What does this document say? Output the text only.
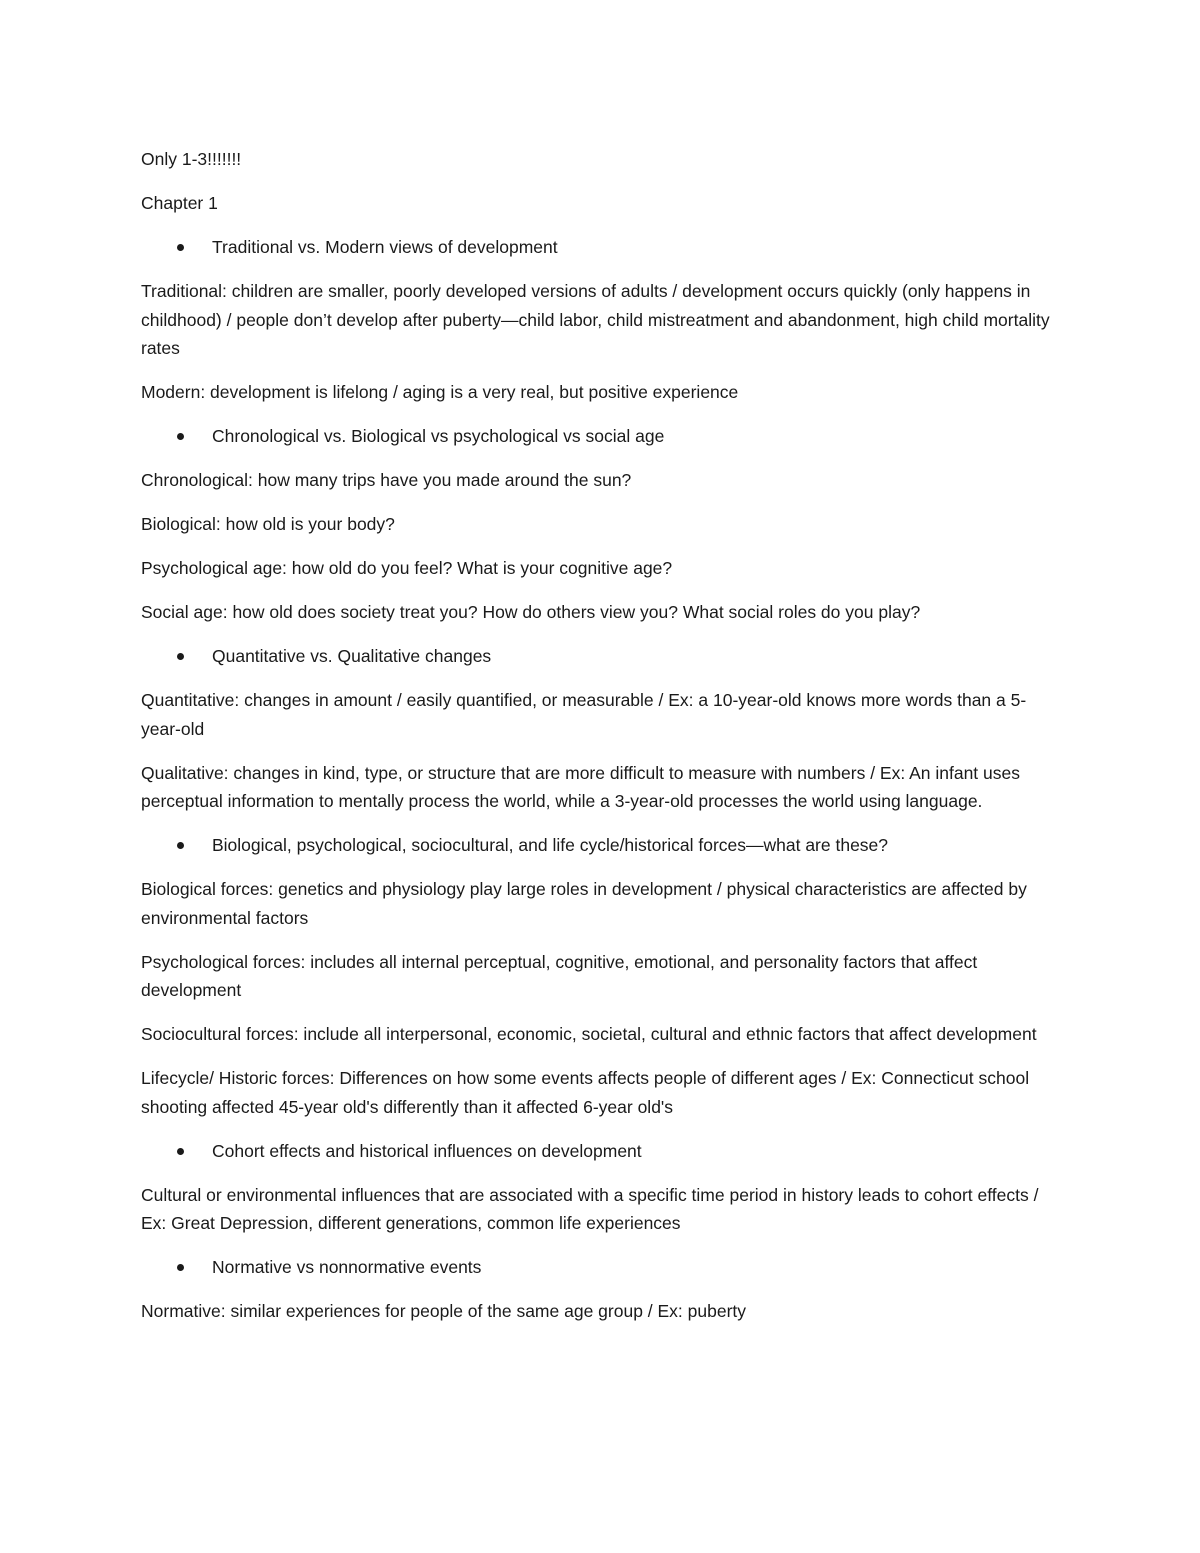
Only 1-3!!!!!!!

Chapter 1

Traditional vs. Modern views of development

Traditional: children are smaller, poorly developed versions of adults / development occurs quickly (only happens in childhood) / people don’t develop after puberty—child labor, child mistreatment and abandonment, high child mortality rates

Modern: development is lifelong / aging is a very real, but positive experience

Chronological vs. Biological vs psychological vs social age

Chronological: how many trips have you made around the sun?

Biological: how old is your body?

Psychological age: how old do you feel? What is your cognitive age?

Social age: how old does society treat you? How do others view you? What social roles do you play?

Quantitative vs. Qualitative changes

Quantitative: changes in amount / easily quantified, or measurable / Ex: a 10-year-old knows more words than a 5-year-old

Qualitative: changes in kind, type, or structure that are more difficult to measure with numbers / Ex: An infant uses perceptual information to mentally process the world, while a 3-year-old processes the world using language.

Biological, psychological, sociocultural, and life cycle/historical forces—what are these?

Biological forces: genetics and physiology play large roles in development / physical characteristics are affected by environmental factors

Psychological forces: includes all internal perceptual, cognitive, emotional, and personality factors that affect development

Sociocultural forces: include all interpersonal, economic, societal, cultural and ethnic factors that affect development

Lifecycle/ Historic forces: Differences on how some events affects people of different ages / Ex: Connecticut school shooting affected 45-year old's differently than it affected 6-year old's

Cohort effects and historical influences on development

Cultural or environmental influences that are associated with a specific time period in history leads to cohort effects / Ex: Great Depression, different generations, common life experiences

Normative vs nonnormative events

Normative: similar experiences for people of the same age group / Ex: puberty
